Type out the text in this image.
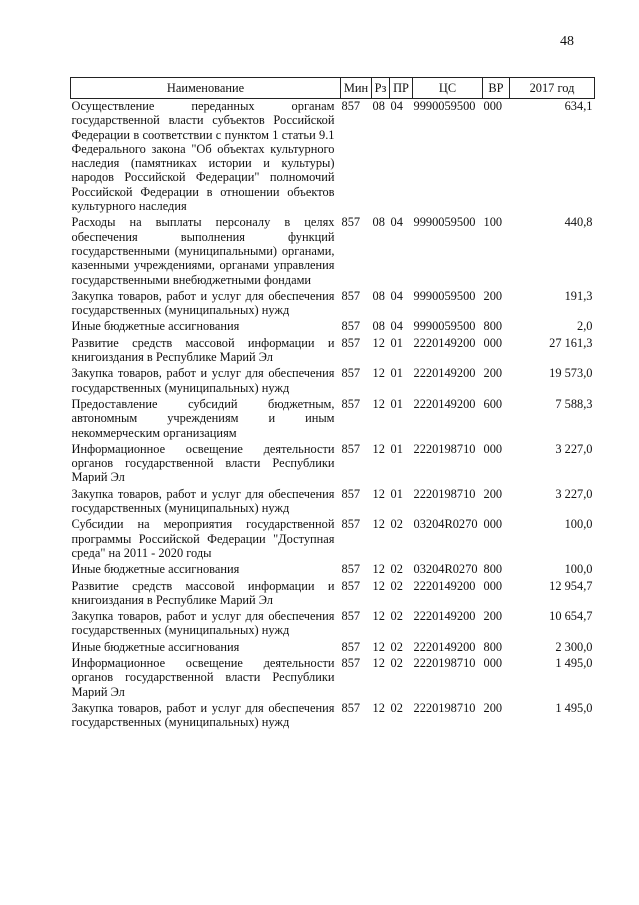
48
Наименование	Мин	Рз	ПР	ЦС	ВР	2017 год
Осуществление переданных органам государственной власти субъектов Российской Федерации в соответствии с пунктом 1 статьи 9.1 Федерального закона "Об объектах культурного наследия (памятниках истории и культуры) народов Российской Федерации" полномочий Российской Федерации в отношении объектов культурного наследия	857	08	04	9990059500	000	634,1
Расходы на выплаты персоналу в целях обеспечения выполнения функций государственными (муниципальными) органами, казенными учреждениями, органами управления государственными внебюджетными фондами	857	08	04	9990059500	100	440,8
Закупка товаров, работ и услуг для обеспечения государственных (муниципальных) нужд	857	08	04	9990059500	200	191,3
Иные бюджетные ассигнования	857	08	04	9990059500	800	2,0
Развитие средств массовой информации и книгоиздания в Республике Марий Эл	857	12	01	2220149200	000	27 161,3
Закупка товаров, работ и услуг для обеспечения государственных (муниципальных) нужд	857	12	01	2220149200	200	19 573,0
Предоставление субсидий бюджетным, автономным учреждениям и иным некоммерческим организациям	857	12	01	2220149200	600	7 588,3
Информационное освещение деятельности органов государственной власти Республики Марий Эл	857	12	01	2220198710	000	3 227,0
Закупка товаров, работ и услуг для обеспечения государственных (муниципальных) нужд	857	12	01	2220198710	200	3 227,0
Субсидии на мероприятия государственной программы Российской Федерации "Доступная среда" на 2011 - 2020 годы	857	12	02	03204R0270	000	100,0
Иные бюджетные ассигнования	857	12	02	03204R0270	800	100,0
Развитие средств массовой информации и книгоиздания в Республике Марий Эл	857	12	02	2220149200	000	12 954,7
Закупка товаров, работ и услуг для обеспечения государственных (муниципальных) нужд	857	12	02	2220149200	200	10 654,7
Иные бюджетные ассигнования	857	12	02	2220149200	800	2 300,0
Информационное освещение деятельности органов государственной власти Республики Марий Эл	857	12	02	2220198710	000	1 495,0
Закупка товаров, работ и услуг для обеспечения государственных (муниципальных) нужд	857	12	02	2220198710	200	1 495,0
